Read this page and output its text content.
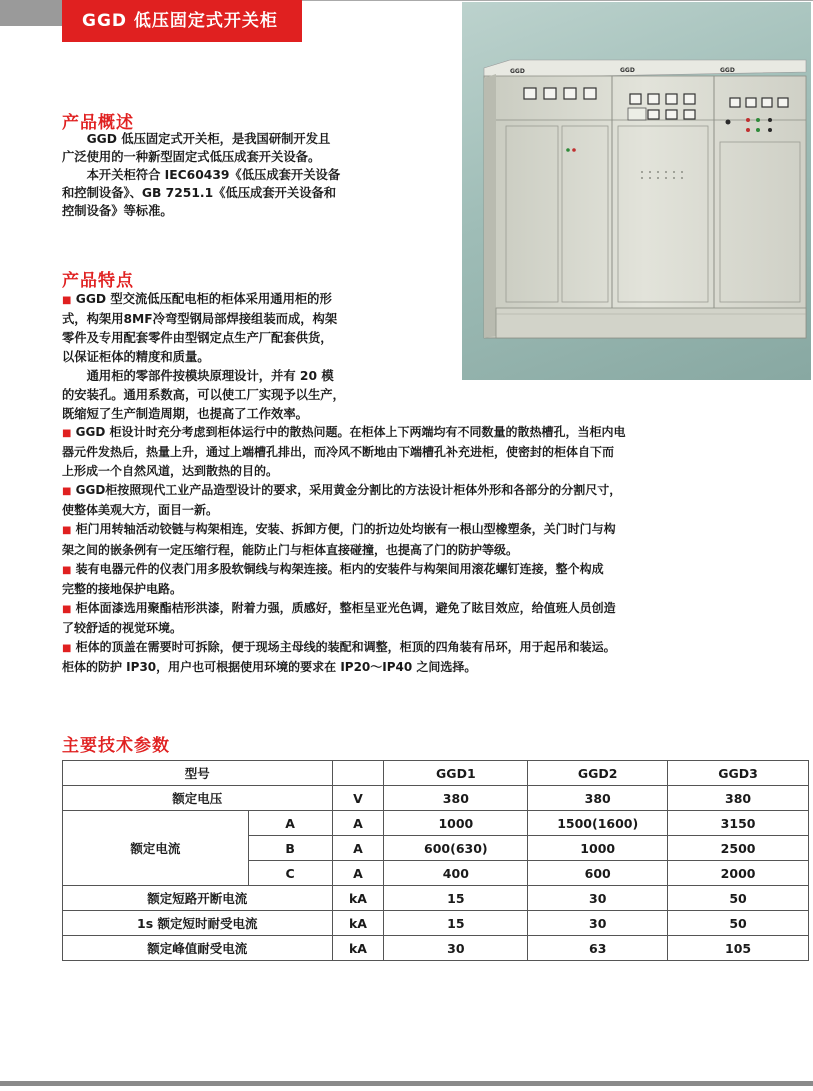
GGD 低压固定式开关柜
GGD	GGD	GGD
产品概述
　　GGD 低压固定式开关柜，是我国研制开发且
广泛使用的一种新型固定式低压成套开关设备。
　　本开关柜符合 IEC60439《低压成套开关设备
和控制设备》、GB 7251.1《低压成套开关设备和
控制设备》等标准。
产品特点
■ GGD 型交流低压配电柜的柜体采用通用柜的形
式，构架用8MF冷弯型钢局部焊接组装而成，构架
零件及专用配套零件由型钢定点生产厂配套供货，
以保证柜体的精度和质量。
　　通用柜的零部件按模块原理设计，并有 20 模
的安装孔。通用系数高，可以使工厂实现予以生产，
既缩短了生产制造周期，也提高了工作效率。
■ GGD 柜设计时充分考虑到柜体运行中的散热问题。在柜体上下两端均有不同数量的散热槽孔，当柜内电
器元件发热后，热量上升，通过上端槽孔排出，而冷风不断地由下端槽孔补充进柜，使密封的柜体自下而
上形成一个自然风道，达到散热的目的。
■ GGD柜按照现代工业产品造型设计的要求，采用黄金分割比的方法设计柜体外形和各部分的分割尺寸，
使整体美观大方，面目一新。
■ 柜门用转轴活动铰链与构架相连，安装、拆卸方便，门的折边处均嵌有一根山型橡塑条，关门时门与构
架之间的嵌条例有一定压缩行程，能防止门与柜体直接碰撞，也提高了门的防护等级。
■ 装有电器元件的仪表门用多股软铜线与构架连接。柜内的安装件与构架间用滚花螺钉连接，整个构成
完整的接地保护电路。
■ 柜体面漆选用聚酯桔形洪漆，附着力强，质感好，整柜呈亚光色调，避免了眩目效应，给值班人员创造
了较舒适的视觉环境。
■ 柜体的顶盖在需要时可拆除，便于现场主母线的装配和调整，柜顶的四角装有吊环，用于起吊和装运。
柜体的防护 IP30，用户也可根据使用环境的要求在 IP20～IP40 之间选择。
主要技术参数
型号			GGD1	GGD2	GGD3
额定电压		V	380	380	380
额定电流	A	A	1000	1500(1600)	3150
	B	A	600(630)	1000	2500
	C	A	400	600	2000
额定短路开断电流		kA	15	30	50
1s 额定短时耐受电流		kA	15	30	50
额定峰值耐受电流		kA	30	63	105
